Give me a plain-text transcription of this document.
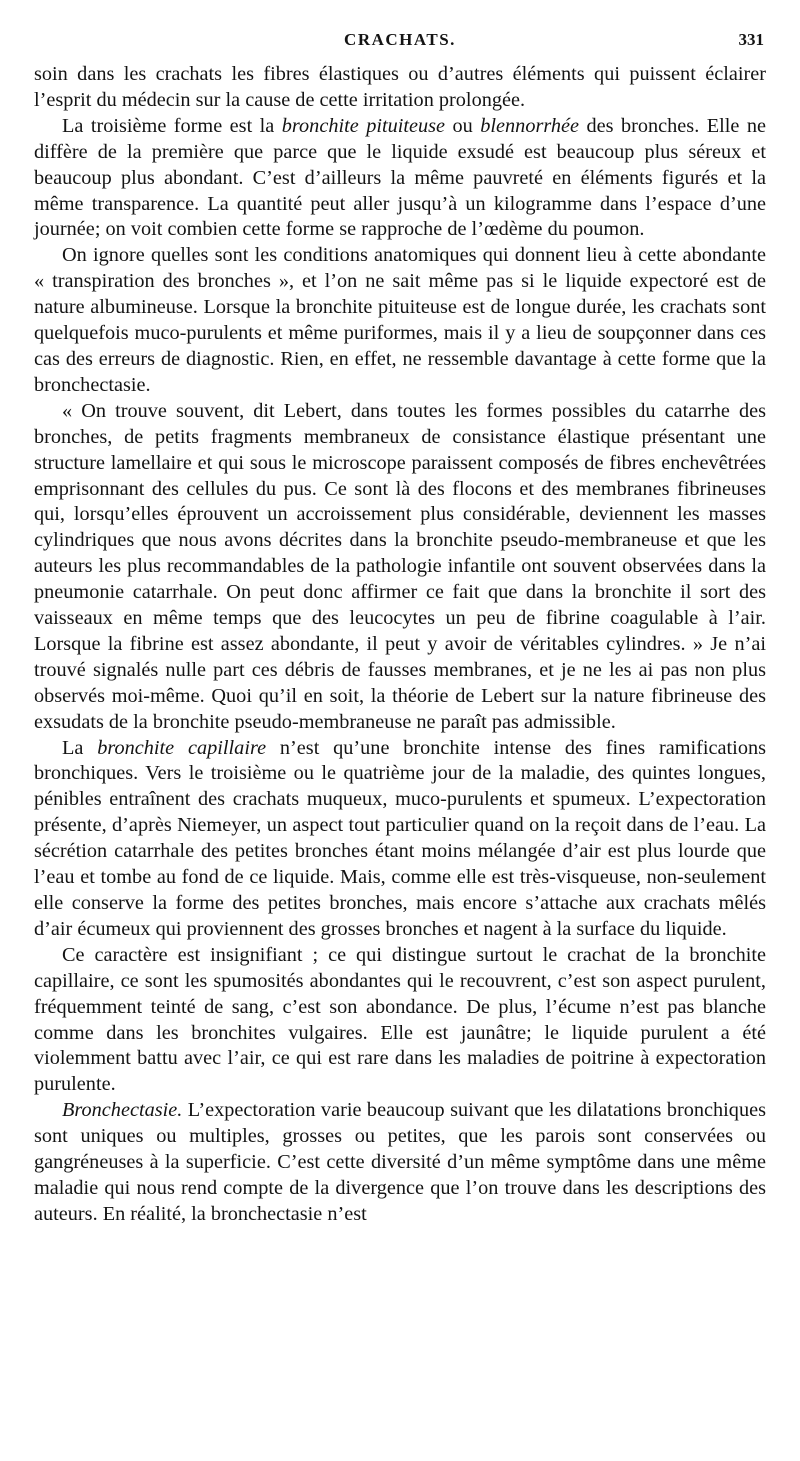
CRACHATS.	331

soin dans les crachats les fibres élastiques ou d’autres éléments qui puissent éclairer l’esprit du médecin sur la cause de cette irritation prolongée.

La troisième forme est la bronchite pituiteuse ou blennorrhée des bronches. Elle ne diffère de la première que parce que le liquide exsudé est beaucoup plus séreux et beaucoup plus abondant. C’est d’ailleurs la même pauvreté en éléments figurés et la même transparence. La quantité peut aller jusqu’à un kilogramme dans l’espace d’une journée; on voit combien cette forme se rapproche de l’œdème du poumon.

On ignore quelles sont les conditions anatomiques qui donnent lieu à cette abondante « transpiration des bronches », et l’on ne sait même pas si le liquide expectoré est de nature albumineuse. Lorsque la bronchite pituiteuse est de longue durée, les crachats sont quelquefois muco-purulents et même puriformes, mais il y a lieu de soupçonner dans ces cas des erreurs de diagnostic. Rien, en effet, ne ressemble davantage à cette forme que la bronchectasie.

« On trouve souvent, dit Lebert, dans toutes les formes possibles du catarrhe des bronches, de petits fragments membraneux de consistance élastique présentant une structure lamellaire et qui sous le microscope paraissent composés de fibres enchevêtrées emprisonnant des cellules du pus. Ce sont là des flocons et des membranes fibrineuses qui, lorsqu’elles éprouvent un accroissement plus considérable, deviennent les masses cylindriques que nous avons décrites dans la bronchite pseudo-membraneuse et que les auteurs les plus recommandables de la pathologie infantile ont souvent observées dans la pneumonie catarrhale. On peut donc affirmer ce fait que dans la bronchite il sort des vaisseaux en même temps que des leucocytes un peu de fibrine coagulable à l’air. Lorsque la fibrine est assez abondante, il peut y avoir de véritables cylindres. » Je n’ai trouvé signalés nulle part ces débris de fausses membranes, et je ne les ai pas non plus observés moi-même. Quoi qu’il en soit, la théorie de Lebert sur la nature fibrineuse des exsudats de la bronchite pseudo-membraneuse ne paraît pas admissible.

La bronchite capillaire n’est qu’une bronchite intense des fines ramifications bronchiques. Vers le troisième ou le quatrième jour de la maladie, des quintes longues, pénibles entraînent des crachats muqueux, muco-purulents et spumeux. L’expectoration présente, d’après Niemeyer, un aspect tout particulier quand on la reçoit dans de l’eau. La sécrétion catarrhale des petites bronches étant moins mélangée d’air est plus lourde que l’eau et tombe au fond de ce liquide. Mais, comme elle est très-visqueuse, non-seulement elle conserve la forme des petites bronches, mais encore s’attache aux crachats mêlés d’air écumeux qui proviennent des grosses bronches et nagent à la surface du liquide.

Ce caractère est insignifiant ; ce qui distingue surtout le crachat de la bronchite capillaire, ce sont les spumosités abondantes qui le recouvrent, c’est son aspect purulent, fréquemment teinté de sang, c’est son abondance. De plus, l’écume n’est pas blanche comme dans les bronchites vulgaires. Elle est jaunâtre; le liquide purulent a été violemment battu avec l’air, ce qui est rare dans les maladies de poitrine à expectoration purulente.

Bronchectasie. L’expectoration varie beaucoup suivant que les dilatations bronchiques sont uniques ou multiples, grosses ou petites, que les parois sont conservées ou gangréneuses à la superficie. C’est cette diversité d’un même symptôme dans une même maladie qui nous rend compte de la divergence que l’on trouve dans les descriptions des auteurs. En réalité, la bronchectasie n’est
